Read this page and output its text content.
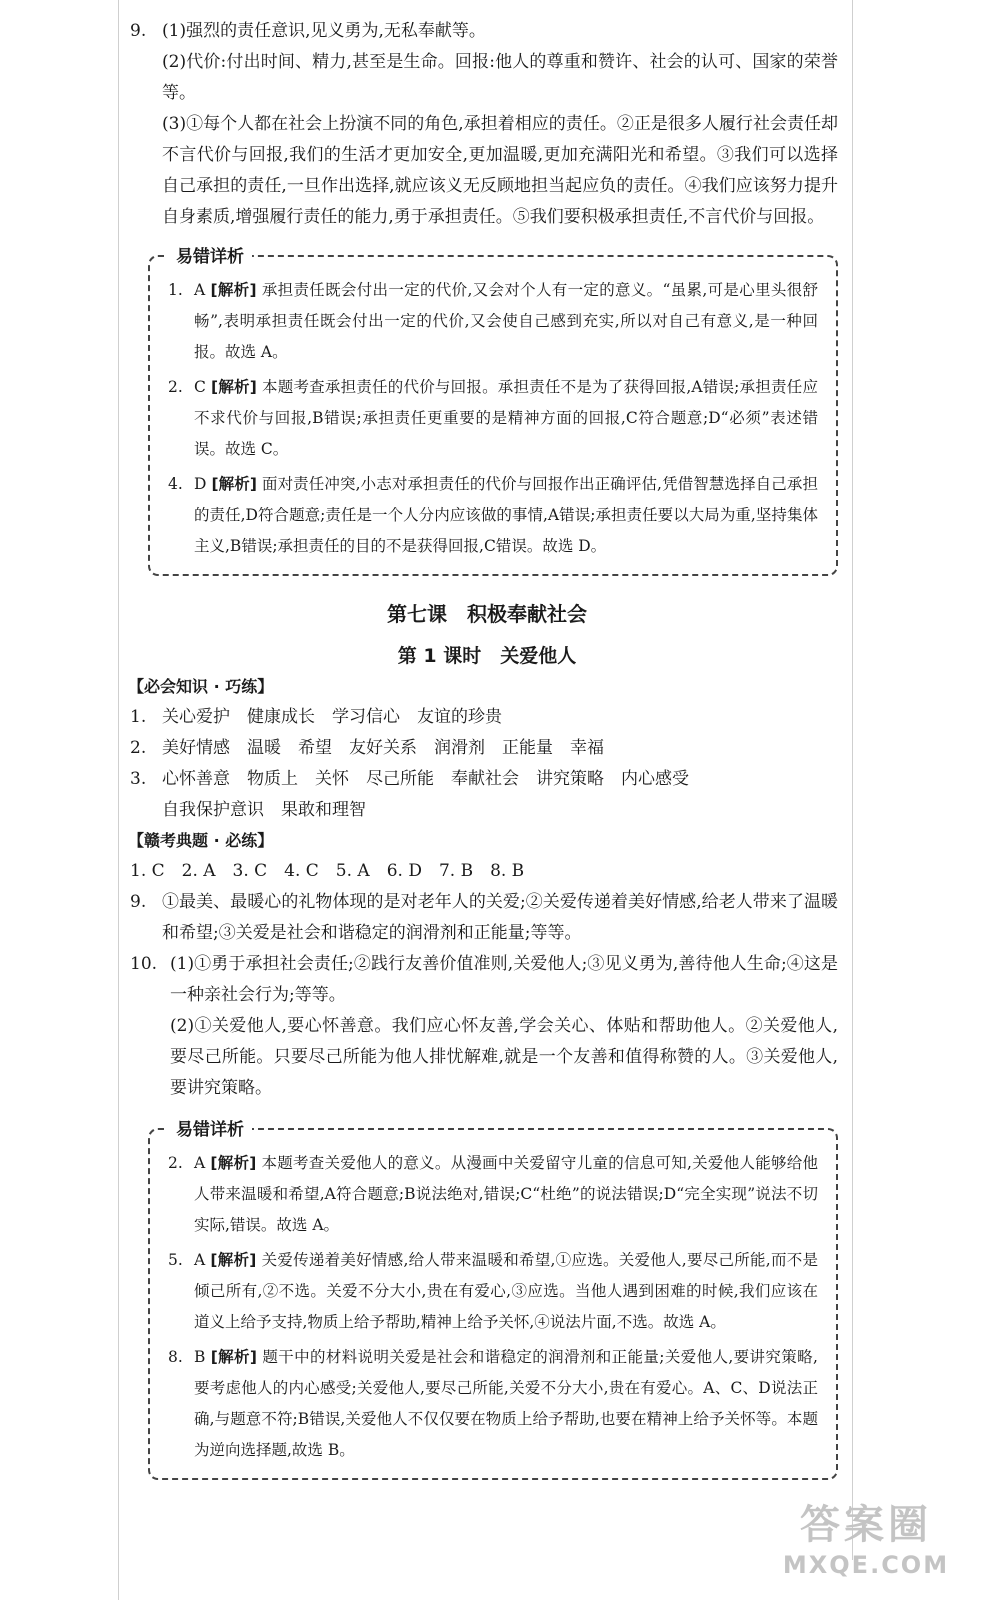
9. (1)强烈的责任意识,见义勇为,无私奉献等。

(2)代价:付出时间、精力,甚至是生命。回报:他人的尊重和赞许、社会的认可、国家的荣誉等。

(3)①每个人都在社会上扮演不同的角色,承担着相应的责任。②正是很多人履行社会责任却不言代价与回报,我们的生活才更加安全,更加温暖,更加充满阳光和希望。③我们可以选择自己承担的责任,一旦作出选择,就应该义无反顾地担当起应负的责任。④我们应该努力提升自身素质,增强履行责任的能力,勇于承担责任。⑤我们要积极承担责任,不言代价与回报。

易错详析
1. A [解析] 承担责任既会付出一定的代价,又会对个人有一定的意义。“虽累,可是心里头很舒畅”,表明承担责任既会付出一定的代价,又会使自己感到充实,所以对自己有意义,是一种回报。故选 A。
2. C [解析] 本题考查承担责任的代价与回报。承担责任不是为了获得回报,A错误;承担责任应不求代价与回报,B错误;承担责任更重要的是精神方面的回报,C符合题意;D“必须”表述错误。故选 C。
4. D [解析] 面对责任冲突,小志对承担责任的代价与回报作出正确评估,凭借智慧选择自己承担的责任,D符合题意;责任是一个人分内应该做的事情,A错误;承担责任要以大局为重,坚持集体主义,B错误;承担责任的目的不是获得回报,C错误。故选 D。
第七课　积极奉献社会
第 1 课时　关爱他人
【必会知识 · 巧练】
1. 关心爱护　健康成长　学习信心　友谊的珍贵
2. 美好情感　温暖　希望　友好关系　润滑剂　正能量　幸福
3. 心怀善意　物质上　关怀　尽己所能　奉献社会　讲究策略　内心感受
自我保护意识　果敢和理智
【赣考典题 · 必练】
1. C　2. A　3. C　4. C　5. A　6. D　7. B　8. B
9. ①最美、最暖心的礼物体现的是对老年人的关爱;②关爱传递着美好情感,给老人带来了温暖和希望;③关爱是社会和谐稳定的润滑剂和正能量;等等。

10. (1)①勇于承担社会责任;②践行友善价值准则,关爱他人;③见义勇为,善待他人生命;④这是一种亲社会行为;等等。

(2)①关爱他人,要心怀善意。我们应心怀友善,学会关心、体贴和帮助他人。②关爱他人,要尽己所能。只要尽己所能为他人排忧解难,就是一个友善和值得称赞的人。③关爱他人,要讲究策略。

易错详析
2. A [解析] 本题考查关爱他人的意义。从漫画中关爱留守儿童的信息可知,关爱他人能够给他人带来温暖和希望,A符合题意;B说法绝对,错误;C“杜绝”的说法错误;D“完全实现”说法不切实际,错误。故选 A。
5. A [解析] 关爱传递着美好情感,给人带来温暖和希望,①应选。关爱他人,要尽己所能,而不是倾己所有,②不选。关爱不分大小,贵在有爱心,③应选。当他人遇到困难的时候,我们应该在道义上给予支持,物质上给予帮助,精神上给予关怀,④说法片面,不选。故选 A。
8. B [解析] 题干中的材料说明关爱是社会和谐稳定的润滑剂和正能量;关爱他人,要讲究策略,要考虑他人的内心感受;关爱他人,要尽己所能,关爱不分大小,贵在有爱心。A、C、D说法正确,与题意不符;B错误,关爱他人不仅仅要在物质上给予帮助,也要在精神上给予关怀等。本题为逆向选择题,故选 B。
答案圈
MXQE.COM
